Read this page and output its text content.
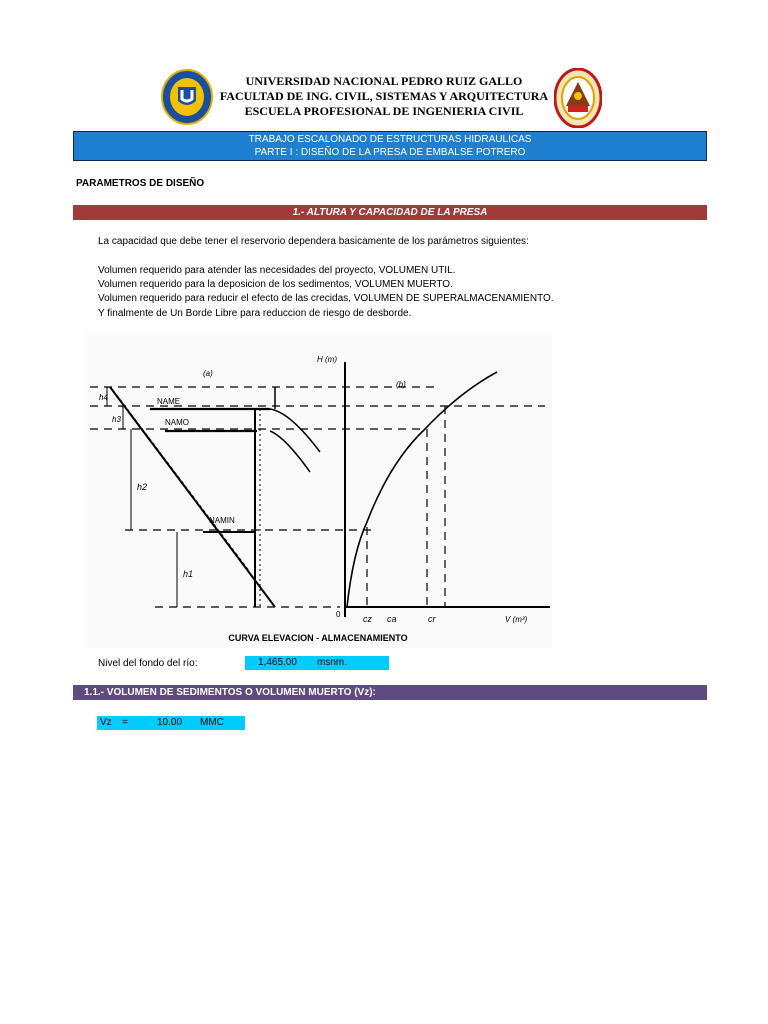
UNIVERSIDAD NACIONAL PEDRO RUIZ GALLO
FACULTAD DE ING. CIVIL, SISTEMAS Y ARQUITECTURA
ESCUELA PROFESIONAL DE INGENIERIA CIVIL
TRABAJO ESCALONADO DE ESTRUCTURAS HIDRAULICAS
PARTE I : DISEÑO DE LA PRESA DE EMBALSE POTRERO
PARAMETROS DE DISEÑO
1.- ALTURA Y CAPACIDAD DE LA PRESA
La capacidad que debe tener el reservorio dependera basicamente de los parámetros siguientes:
Volumen requerido para atender las necesidades del proyecto, VOLUMEN UTIL.
Volumen requerido para la deposicion de los sedimentos, VOLUMEN MUERTO.
Volumen requerido para reducir el efecto de las crecidas, VOLUMEN DE SUPERALMACENAMIENTO.
Y finalmente de Un Borde Libre para reduccion de riesgo de desborde.
(a)
(b)
NAME
NAMO
NAMIN
h4
h3
h2
h1
H (m)
V (m³)
0	cz ca	cr
CURVA ELEVACION - ALMACENAMIENTO
Nivel del fondo del río:	1,465.00 msnm.
1.1.- VOLUMEN DE SEDIMENTOS O VOLUMEN MUERTO (Vz):
Vz =	10.00 MMC
